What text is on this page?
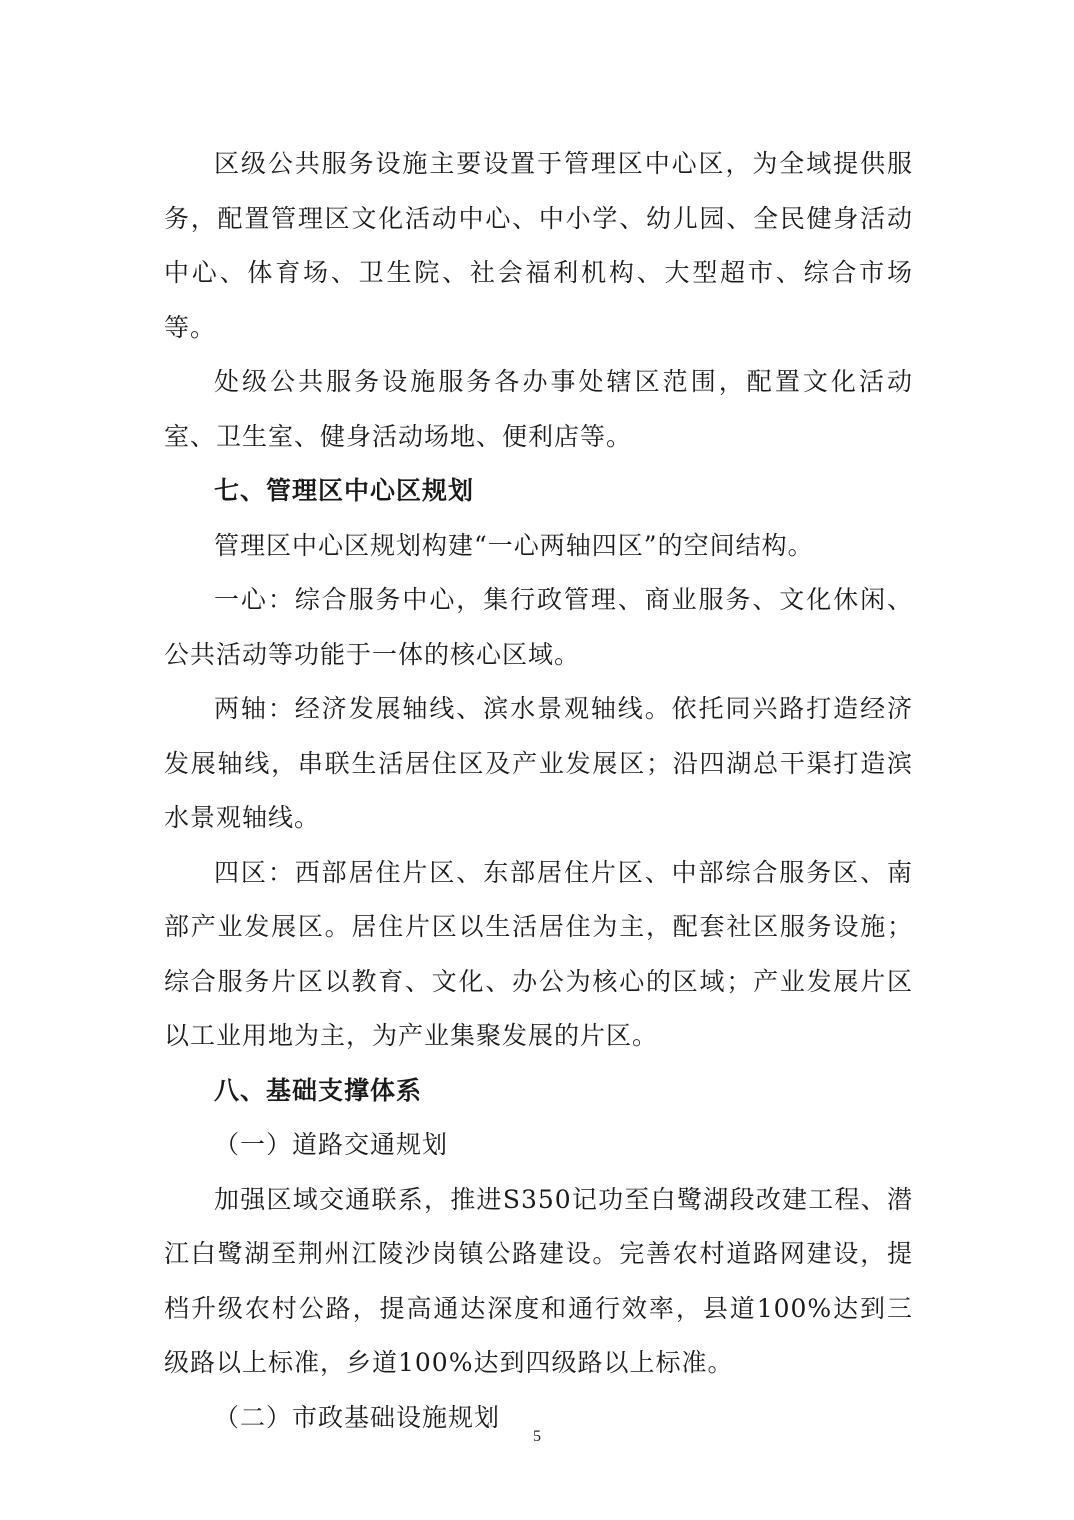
区级公共服务设施主要设置于管理区中心区，为全域提供服务，配置管理区文化活动中心、中小学、幼儿园、全民健身活动中心、体育场、卫生院、社会福利机构、大型超市、综合市场等。

处级公共服务设施服务各办事处辖区范围，配置文化活动室、卫生室、健身活动场地、便利店等。

七、管理区中心区规划

管理区中心区规划构建“一心两轴四区”的空间结构。

一心：综合服务中心，集行政管理、商业服务、文化休闲、公共活动等功能于一体的核心区域。

两轴：经济发展轴线、滨水景观轴线。依托同兴路打造经济发展轴线，串联生活居住区及产业发展区；沿四湖总干渠打造滨水景观轴线。

四区：西部居住片区、东部居住片区、中部综合服务区、南部产业发展区。居住片区以生活居住为主，配套社区服务设施；综合服务片区以教育、文化、办公为核心的区域；产业发展片区以工业用地为主，为产业集聚发展的片区。

八、基础支撑体系

（一）道路交通规划

加强区域交通联系，推进S350记功至白鹭湖段改建工程、潜江白鹭湖至荆州江陵沙岗镇公路建设。完善农村道路网建设，提档升级农村公路，提高通达深度和通行效率，县道100%达到三级路以上标准，乡道100%达到四级路以上标准。

（二）市政基础设施规划

5
